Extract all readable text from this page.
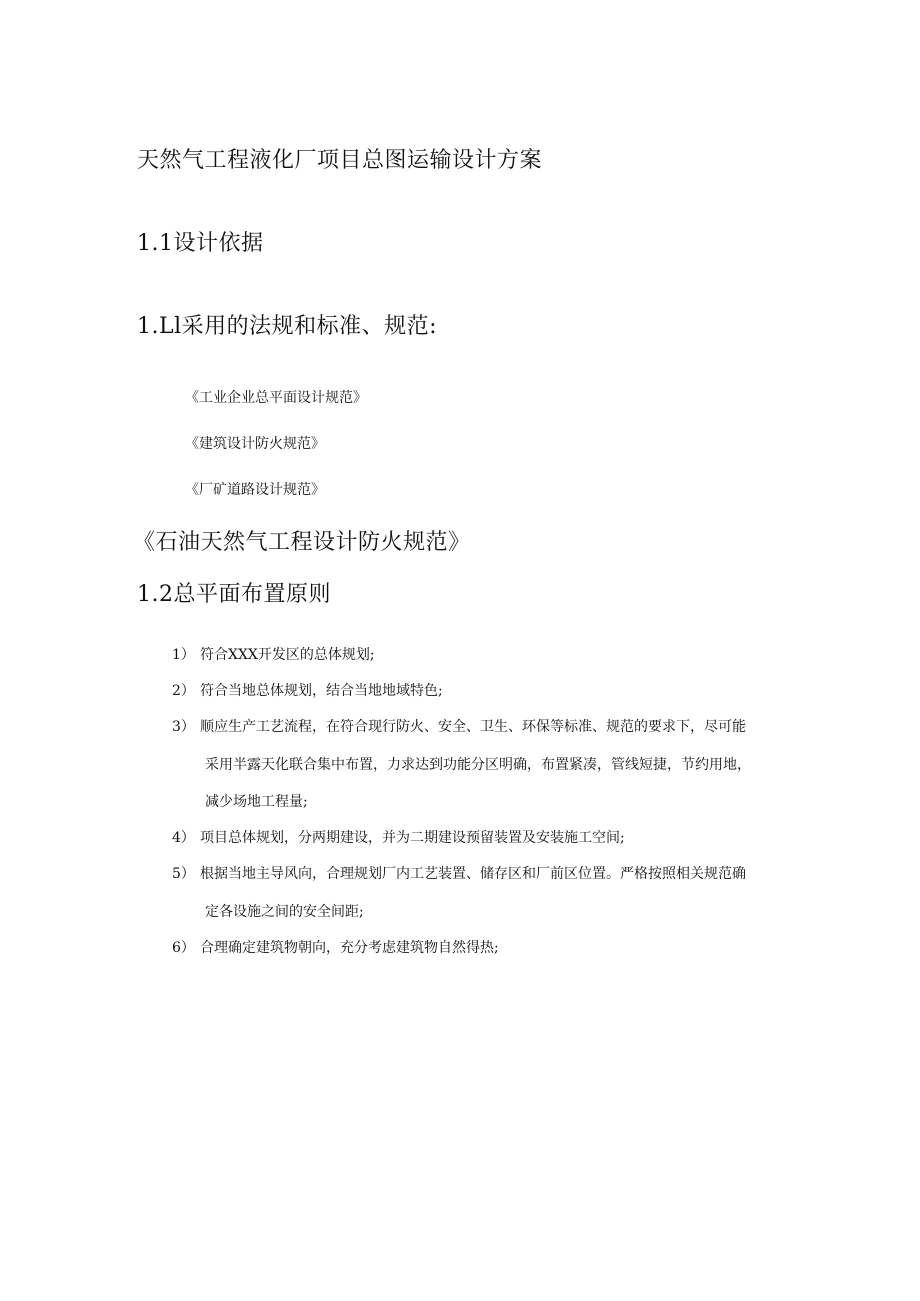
天然气工程液化厂项目总图运输设计方案
1.1设计依据
1.Ll采用的法规和标准、规范:
《工业企业总平面设计规范》
《建筑设计防火规范》
《厂矿道路设计规范》
《石油天然气工程设计防火规范》
1.2总平面布置原则
1） 符合XXX开发区的总体规划;
2） 符合当地总体规划，结合当地地域特色;
3） 顺应生产工艺流程，在符合现行防火、安全、卫生、环保等标准、规范的要求下，尽可能
采用半露天化联合集中布置，力求达到功能分区明确，布置紧凑，管线短捷，节约用地，
减少场地工程量;
4） 项目总体规划，分两期建设，并为二期建设预留装置及安装施工空间;
5） 根据当地主导风向，合理规划厂内工艺装置、储存区和厂前区位置。严格按照相关规范确
定各设施之间的安全间距;
6） 合理确定建筑物朝向，充分考虑建筑物自然得热;
